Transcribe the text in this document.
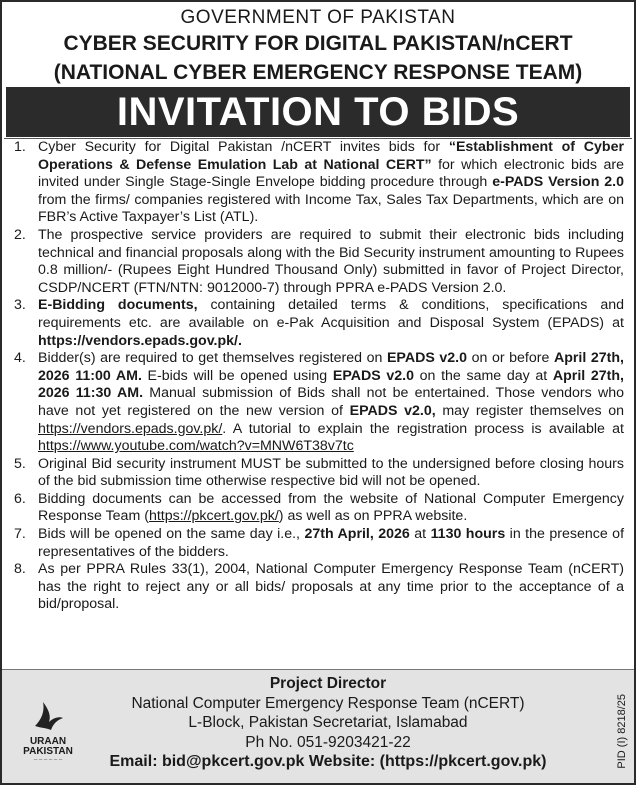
GOVERNMENT OF PAKISTAN
CYBER SECURITY FOR DIGITAL PAKISTAN/nCERT
(NATIONAL CYBER EMERGENCY RESPONSE TEAM)
INVITATION TO BIDS
1. Cyber Security for Digital Pakistan /nCERT invites bids for “Establishment of Cyber Operations & Defense Emulation Lab at National CERT” for which electronic bids are invited under Single Stage-Single Envelope bidding procedure through e-PADS Version 2.0 from the firms/ companies registered with Income Tax, Sales Tax Departments, which are on FBR’s Active Taxpayer’s List (ATL).
2. The prospective service providers are required to submit their electronic bids including technical and financial proposals along with the Bid Security instrument amounting to Rupees 0.8 million/- (Rupees Eight Hundred Thousand Only) submitted in favor of Project Director, CSDP/NCERT (FTN/NTN: 9012000-7) through PPRA e-PADS Version 2.0.
3. E-Bidding documents, containing detailed terms & conditions, specifications and requirements etc. are available on e-Pak Acquisition and Disposal System (EPADS) at https://vendors.epads.gov.pk/.
4. Bidder(s) are required to get themselves registered on EPADS v2.0 on or before April 27th, 2026 11:00 AM. E-bids will be opened using EPADS v2.0 on the same day at April 27th, 2026 11:30 AM. Manual submission of Bids shall not be entertained. Those vendors who have not yet registered on the new version of EPADS v2.0, may register themselves on https://vendors.epads.gov.pk/. A tutorial to explain the registration process is available at https://www.youtube.com/watch?v=MNW6T38v7tc
5. Original Bid security instrument MUST be submitted to the undersigned before closing hours of the bid submission time otherwise respective bid will not be opened.
6. Bidding documents can be accessed from the website of National Computer Emergency Response Team (https://pkcert.gov.pk/) as well as on PPRA website.
7. Bids will be opened on the same day i.e., 27th April, 2026 at 1130 hours in the presence of representatives of the bidders.
8. As per PPRA Rules 33(1), 2004, National Computer Emergency Response Team (nCERT) has the right to reject any or all bids/ proposals at any time prior to the acceptance of a bid/proposal.
URAAN
PAKISTAN
‒ ‒ ‒ ‒ ‒ ‒
Project Director
National Computer Emergency Response Team (nCERT)
L-Block, Pakistan Secretariat, Islamabad
Ph No. 051-9203421-22
Email: bid@pkcert.gov.pk Website: (https://pkcert.gov.pk)	PID (I) 8218/25
